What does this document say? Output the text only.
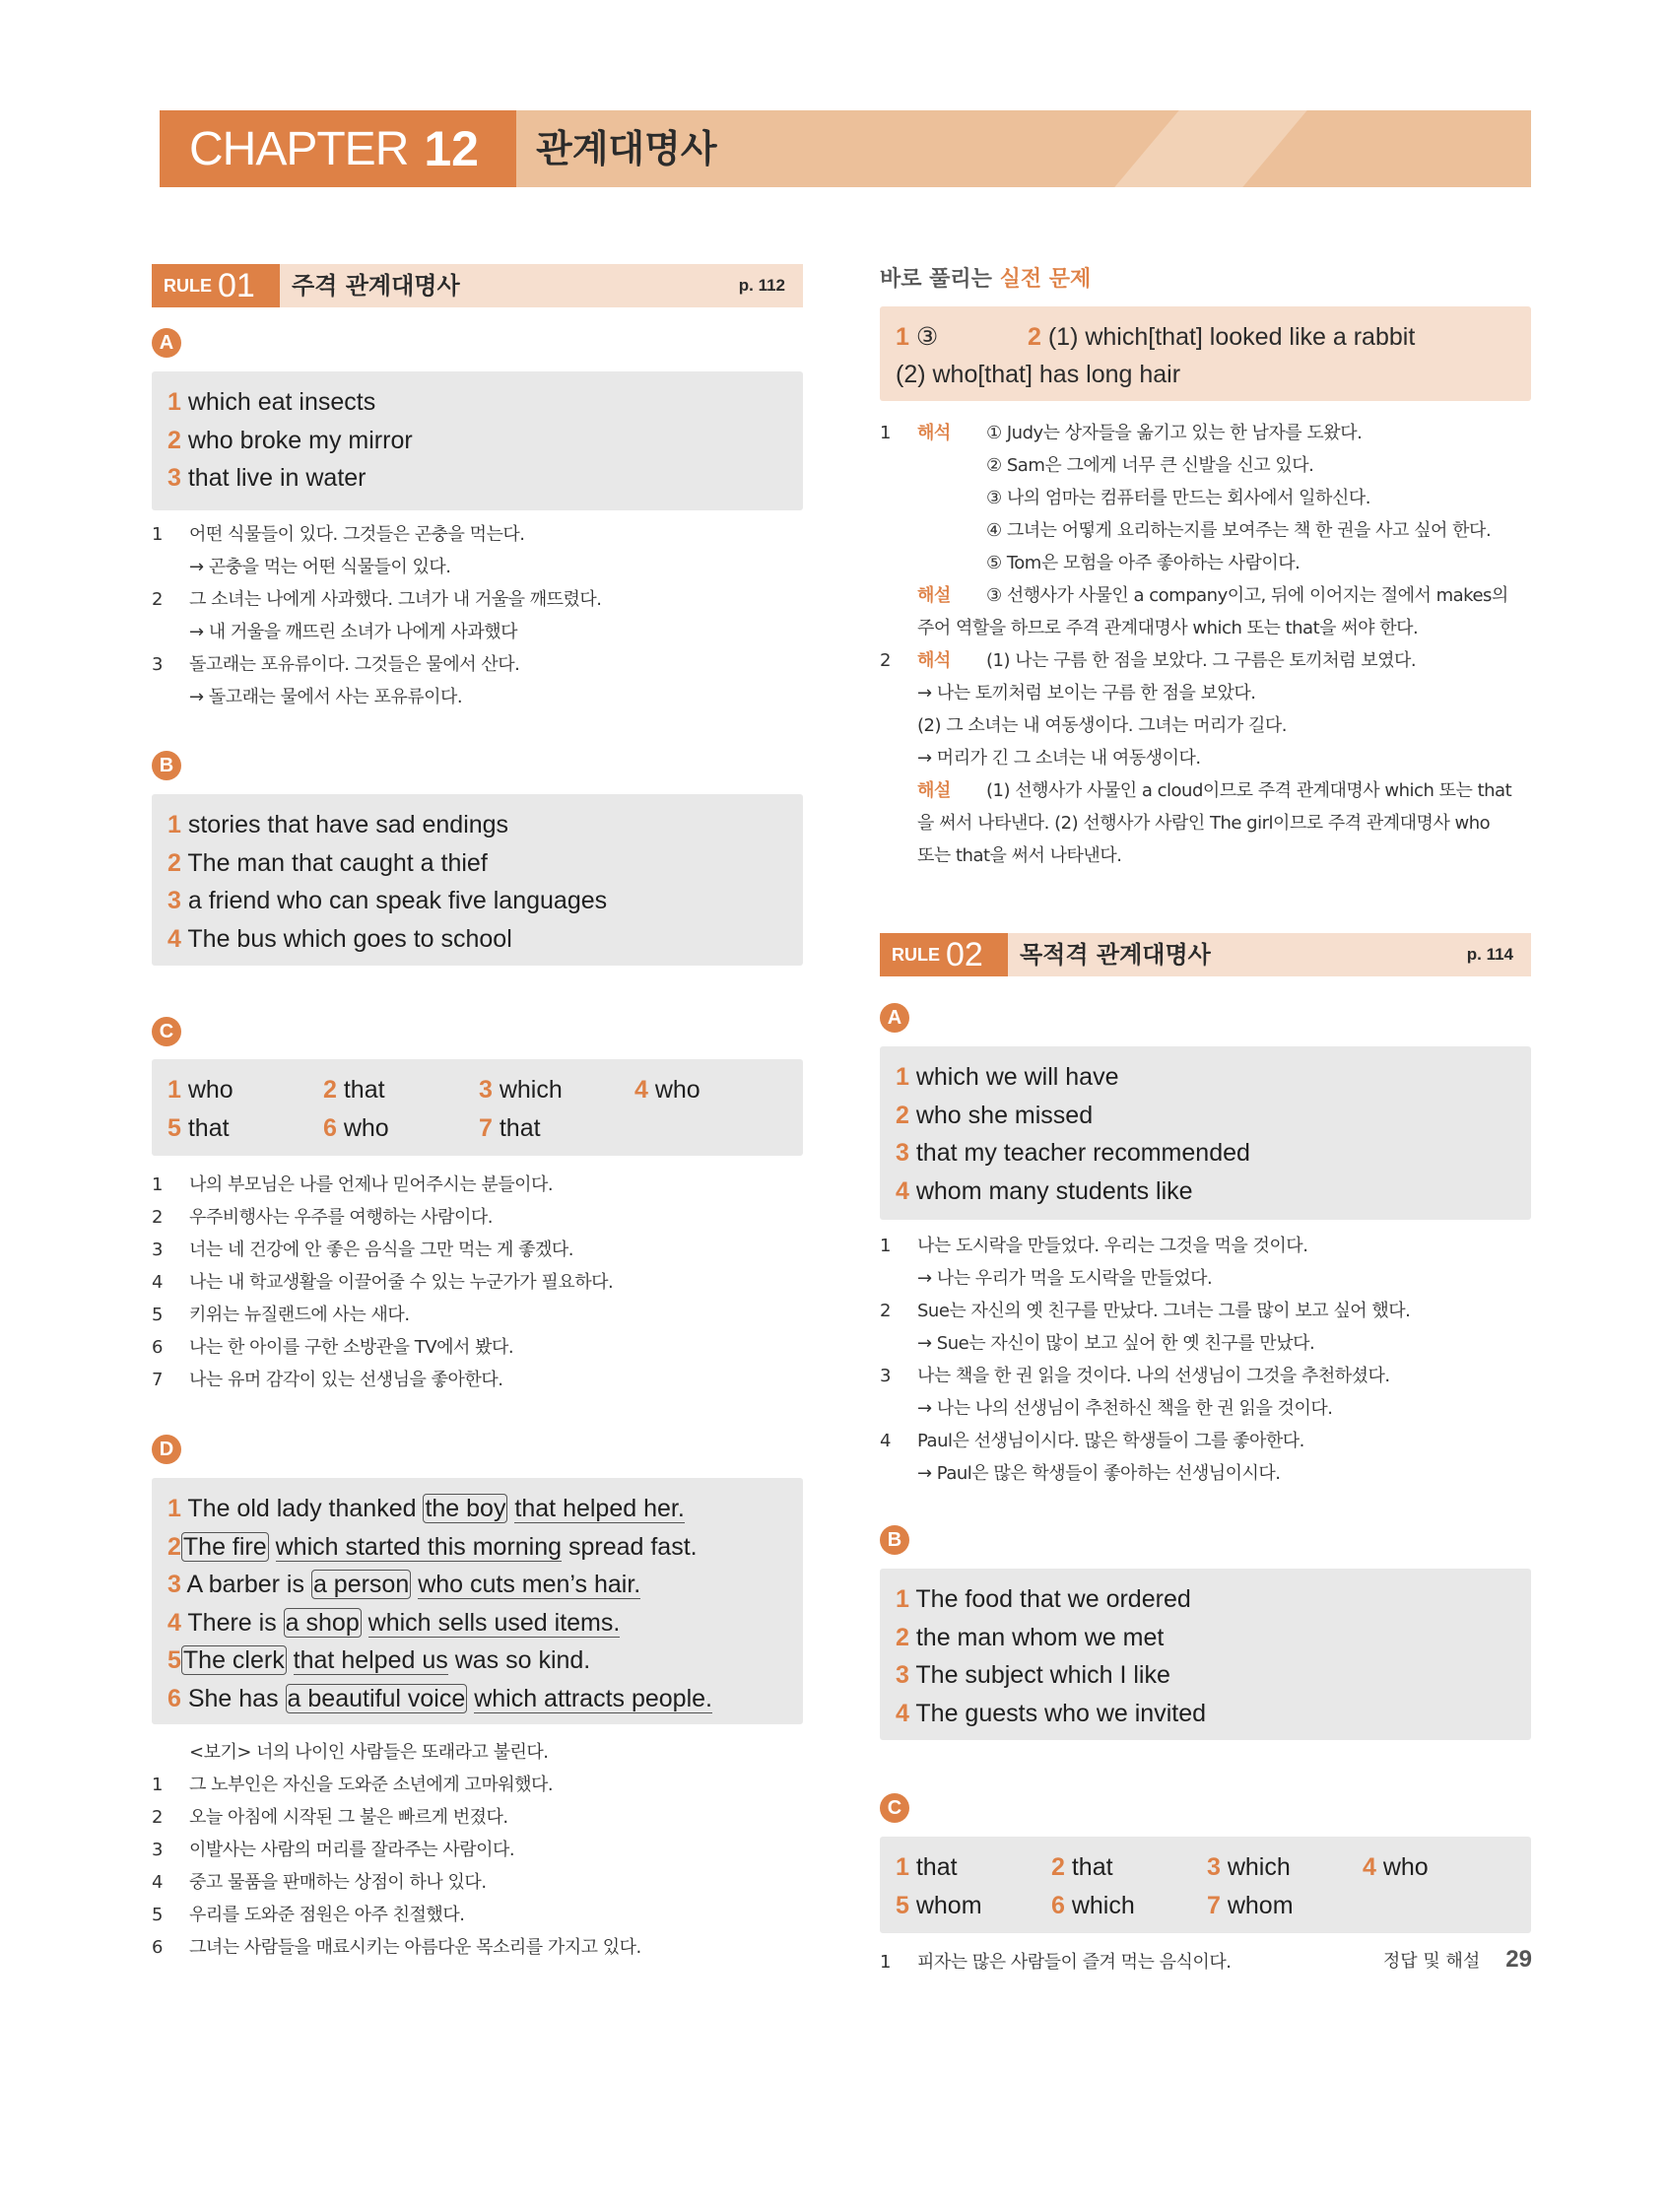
CHAPTER 12 관계대명사
RULE 01 주격 관계대명사	p. 112
A
1 which eat insects
2 who broke my mirror
3 that live in water
1 어떤 식물들이 있다. 그것들은 곤충을 먹는다.
→ 곤충을 먹는 어떤 식물들이 있다.
2 그 소녀는 나에게 사과했다. 그녀가 내 거울을 깨뜨렸다.
→ 내 거울을 깨뜨린 소녀가 나에게 사과했다
3 돌고래는 포유류이다. 그것들은 물에서 산다.
→ 돌고래는 물에서 사는 포유류이다.
B
1 stories that have sad endings
2 The man that caught a thief
3 a friend who can speak five languages
4 The bus which goes to school
C
1 who	2 that	3 which	4 who
5 that	6 who	7 that
1 나의 부모님은 나를 언제나 믿어주시는 분들이다.
2 우주비행사는 우주를 여행하는 사람이다.
3 너는 네 건강에 안 좋은 음식을 그만 먹는 게 좋겠다.
4 나는 내 학교생활을 이끌어줄 수 있는 누군가가 필요하다.
5 키위는 뉴질랜드에 사는 새다.
6 나는 한 아이를 구한 소방관을 TV에서 봤다.
7 나는 유머 감각이 있는 선생님을 좋아한다.
D
1 The old lady thanked the boy that helped her.
2The fire which started this morning spread fast.
3 A barber is a person who cuts men’s hair.
4 There is a shop which sells used items.
5The clerk that helped us was so kind.
6 She has a beautiful voice which attracts people.
<보기> 너의 나이인 사람들은 또래라고 불린다.
1 그 노부인은 자신을 도와준 소년에게 고마워했다.
2 오늘 아침에 시작된 그 불은 빠르게 번졌다.
3 이발사는 사람의 머리를 잘라주는 사람이다.
4 중고 물품을 판매하는 상점이 하나 있다.
5 우리를 도와준 점원은 아주 친절했다.
6 그녀는 사람들을 매료시키는 아름다운 목소리를 가지고 있다.
바로 풀리는 실전 문제
1 ③	2 (1) which[that] looked like a rabbit
(2) who[that] has long hair
1 해석 ① Judy는 상자들을 옮기고 있는 한 남자를 도왔다.
② Sam은 그에게 너무 큰 신발을 신고 있다.
③ 나의 엄마는 컴퓨터를 만드는 회사에서 일하신다.
④ 그녀는 어떻게 요리하는지를 보여주는 책 한 권을 사고 싶어 한다.
⑤ Tom은 모험을 아주 좋아하는 사람이다.
해설 ③ 선행사가 사물인 a company이고, 뒤에 이어지는 절에서 makes의
주어 역할을 하므로 주격 관계대명사 which 또는 that을 써야 한다.
2 해석 (1) 나는 구름 한 점을 보았다. 그 구름은 토끼처럼 보였다.
→ 나는 토끼처럼 보이는 구름 한 점을 보았다.
(2) 그 소녀는 내 여동생이다. 그녀는 머리가 길다.
→ 머리가 긴 그 소녀는 내 여동생이다.
해설 (1) 선행사가 사물인 a cloud이므로 주격 관계대명사 which 또는 that
을 써서 나타낸다. (2) 선행사가 사람인 The girl이므로 주격 관계대명사 who
또는 that을 써서 나타낸다.
RULE 02 목적격 관계대명사	p. 114
A
1 which we will have
2 who she missed
3 that my teacher recommended
4 whom many students like
1 나는 도시락을 만들었다. 우리는 그것을 먹을 것이다.
→ 나는 우리가 먹을 도시락을 만들었다.
2 Sue는 자신의 옛 친구를 만났다. 그녀는 그를 많이 보고 싶어 했다.
→ Sue는 자신이 많이 보고 싶어 한 옛 친구를 만났다.
3 나는 책을 한 권 읽을 것이다. 나의 선생님이 그것을 추천하셨다.
→ 나는 나의 선생님이 추천하신 책을 한 권 읽을 것이다.
4 Paul은 선생님이시다. 많은 학생들이 그를 좋아한다.
→ Paul은 많은 학생들이 좋아하는 선생님이시다.
B
1 The food that we ordered
2 the man whom we met
3 The subject which I like
4 The guests who we invited
C
1 that	2 that	3 which	4 who
5 whom	6 which	7 whom
1 피자는 많은 사람들이 즐겨 먹는 음식이다.	정답 및 해설 29
